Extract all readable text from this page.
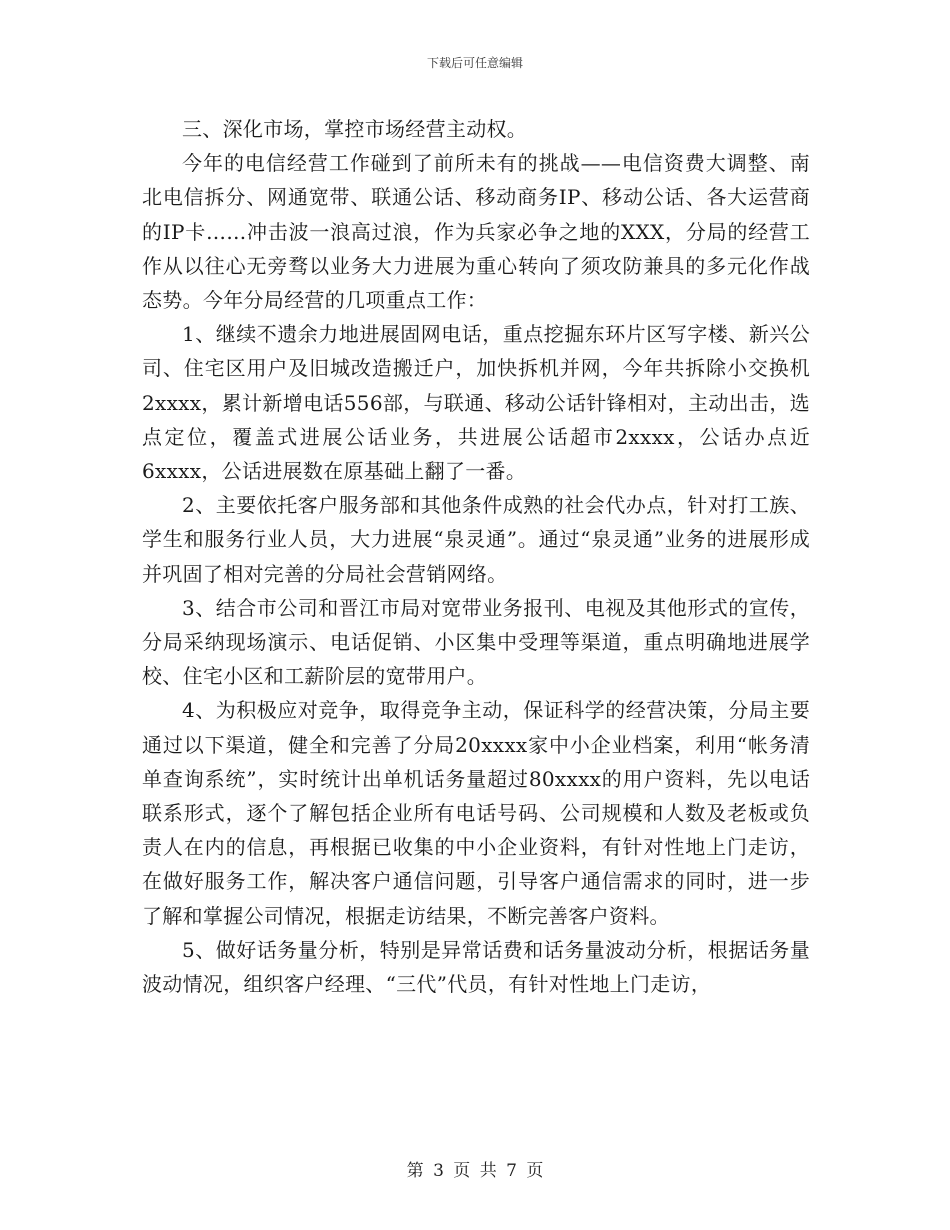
下载后可任意编辑

三、深化市场，掌控市场经营主动权。

今年的电信经营工作碰到了前所未有的挑战——电信资费大调整、南北电信拆分、网通宽带、联通公话、移动商务IP、移动公话、各大运营商的IP卡……冲击波一浪高过浪，作为兵家必争之地的XXX，分局的经营工作从以往心无旁骛以业务大力进展为重心转向了须攻防兼具的多元化作战态势。今年分局经营的几项重点工作：

1、继续不遗余力地进展固网电话，重点挖掘东环片区写字楼、新兴公司、住宅区用户及旧城改造搬迁户，加快拆机并网，今年共拆除小交换机2xxxx，累计新增电话556部，与联通、移动公话针锋相对，主动出击，选点定位，覆盖式进展公话业务，共进展公话超市2xxxx，公话办点近6xxxx，公话进展数在原基础上翻了一番。

2、主要依托客户服务部和其他条件成熟的社会代办点，针对打工族、学生和服务行业人员，大力进展“泉灵通”。通过“泉灵通”业务的进展形成并巩固了相对完善的分局社会营销网络。

3、结合市公司和晋江市局对宽带业务报刊、电视及其他形式的宣传，分局采纳现场演示、电话促销、小区集中受理等渠道，重点明确地进展学校、住宅小区和工薪阶层的宽带用户。

4、为积极应对竞争，取得竞争主动，保证科学的经营决策，分局主要通过以下渠道，健全和完善了分局20xxxx家中小企业档案，利用“帐务清单查询系统”，实时统计出单机话务量超过80xxxx的用户资料，先以电话联系形式，逐个了解包括企业所有电话号码、公司规模和人数及老板或负责人在内的信息，再根据已收集的中小企业资料，有针对性地上门走访，在做好服务工作，解决客户通信问题，引导客户通信需求的同时，进一步了解和掌握公司情况，根据走访结果，不断完善客户资料。

5、做好话务量分析，特别是异常话费和话务量波动分析，根据话务量波动情况，组织客户经理、“三代”代员，有针对性地上门走访，

第 3 页 共 7 页
